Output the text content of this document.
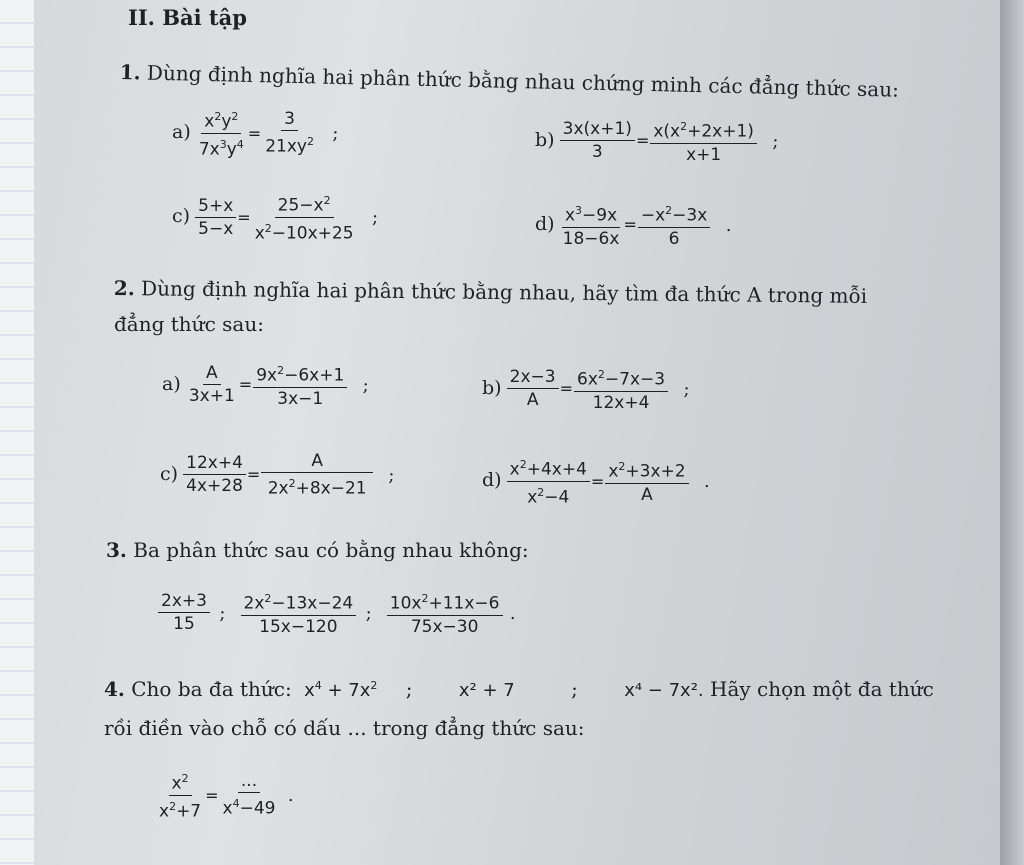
II. Bài tập
1. Dùng định nghĩa hai phân thức bằng nhau chứng minh các đẳng thức sau:
$a) \frac{x^2y^2}{7x^3y^4} = \frac{3}{21xy^2}$ ;	$b) \frac{3x(x+1)}{3} = \frac{x(x^2+2x+1)}{x+1}$ ;
$c) \frac{5+x}{5-x} = \frac{25-x^2}{x^2-10x+25}$ ;	$d) \frac{x^3-9x}{18-6x} = \frac{-x^2-3x}{6}$ .
2. Dùng định nghĩa hai phân thức bằng nhau, hãy tìm đa thức A trong mỗi
đẳng thức sau:
$a) \frac{A}{3x+1} = \frac{9x^2-6x+1}{3x-1}$ ;	$b) \frac{2x-3}{A} = \frac{6x^2-7x-3}{12x+4}$ ;
$c) \frac{12x+4}{4x+28} = \frac{A}{2x^2+8x-21}$ ;	$d) \frac{x^2+4x+4}{x^2-4} = \frac{x^2+3x+2}{A}$ .
3. Ba phân thức sau có bằng nhau không:
$\frac{2x+3}{15}$ ; $\frac{2x^2-13x-24}{15x-120}$ ; $\frac{10x^2+11x-6}{75x-30}$ .
4. Cho ba đa thức: $x^4 + 7x^2$ ;	x² + 7	;	x⁴ − 7x². Hãy chọn một đa thức
rồi điền vào chỗ có dấu ... trong đẳng thức sau:
$\frac{x^2}{x^2+7} = \frac{...}{x^4-49}$ .
